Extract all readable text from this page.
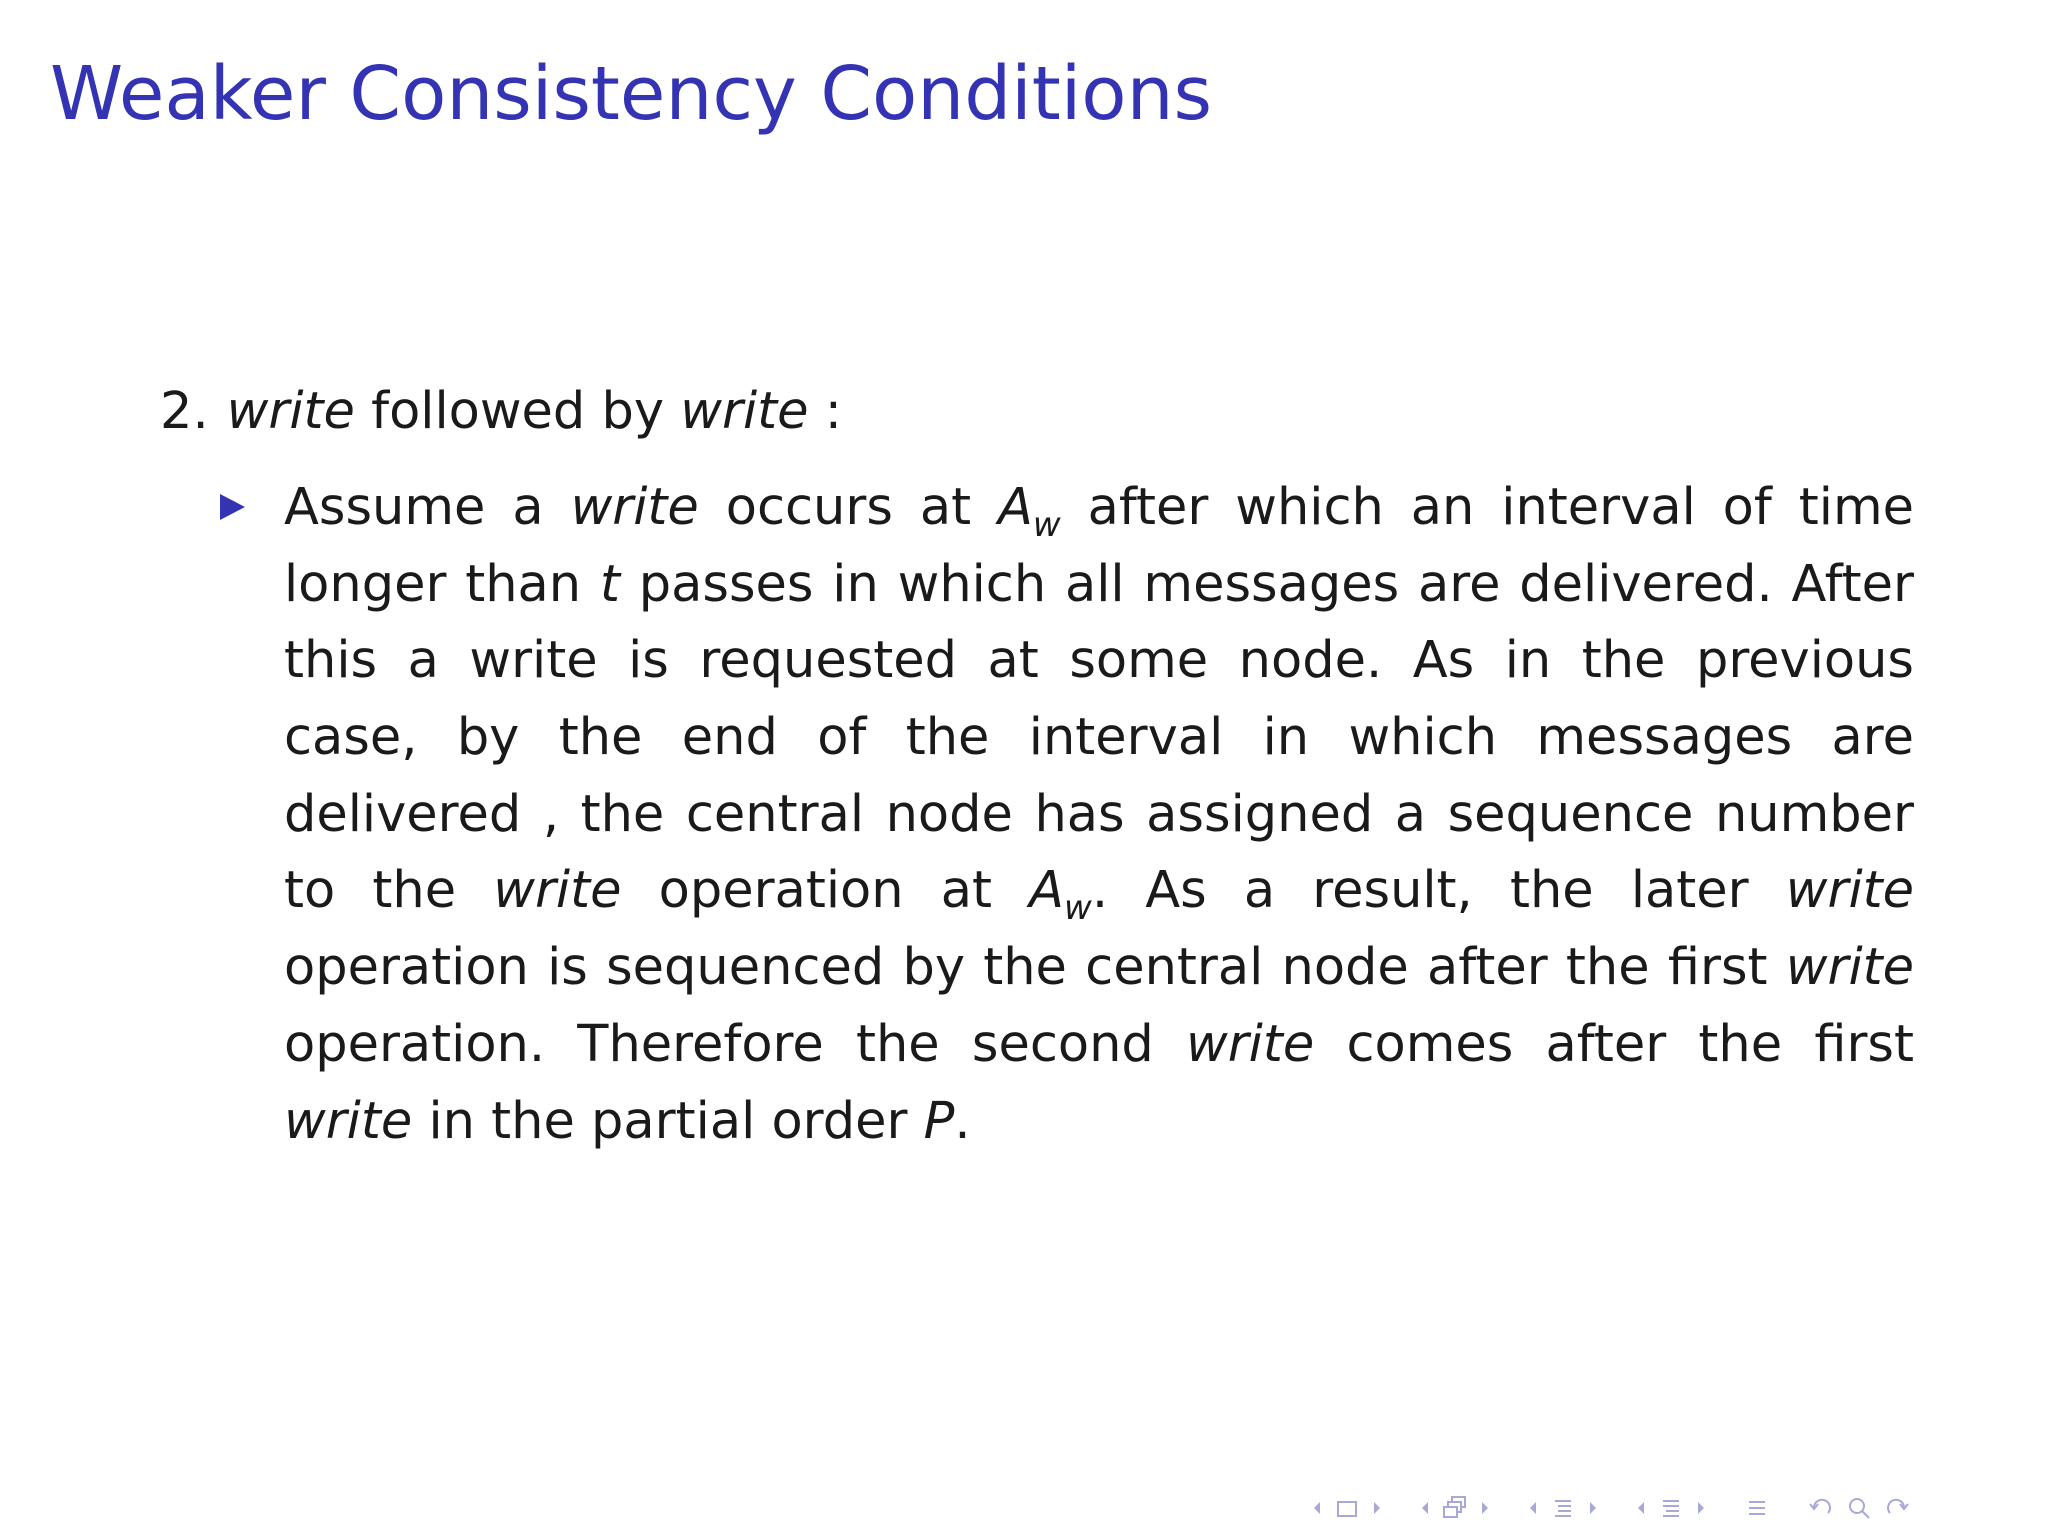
Weaker Consistency Conditions
2. write followed by write :
Assume a write occurs at $A_w$ after which an interval of time
longer than t passes in which all messages are delivered. After
this a write is requested at some node. As in the previous
case, by the end of the interval in which messages are
delivered , the central node has assigned a sequence number
to the write operation at $A_w$. As a result, the later write
operation is sequenced by the central node after the first write
operation. Therefore the second write comes after the first
write in the partial order P.
